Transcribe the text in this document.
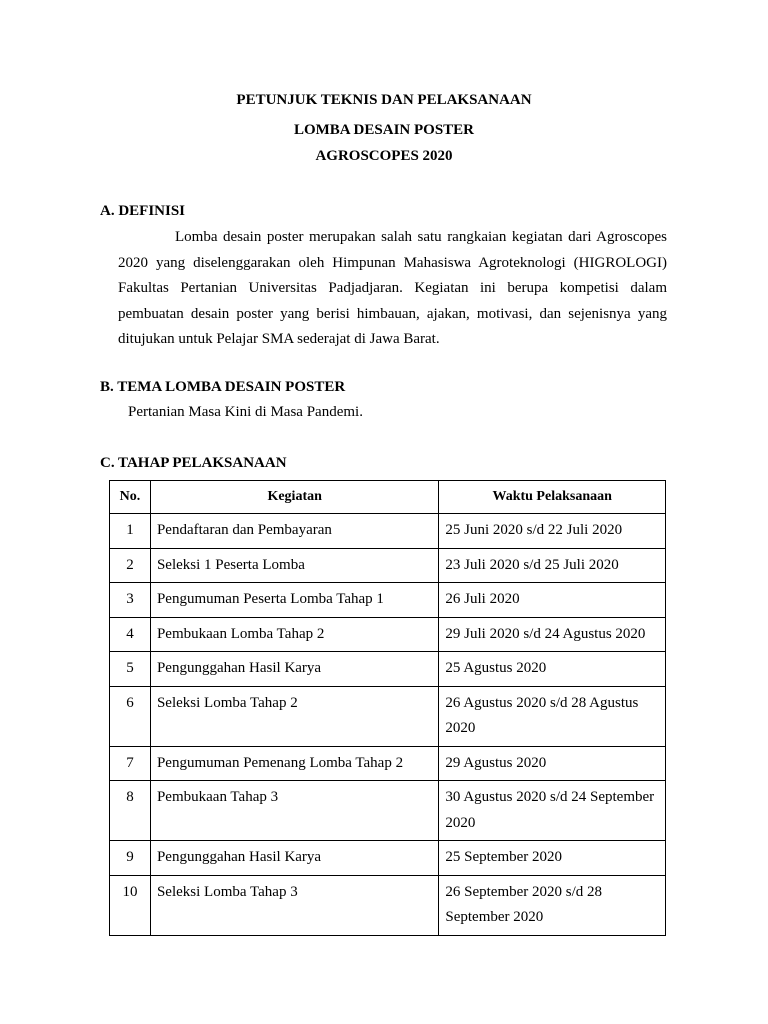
PETUNJUK TEKNIS DAN PELAKSANAAN
LOMBA DESAIN POSTER
AGROSCOPES 2020
A. DEFINISI
Lomba desain poster merupakan salah satu rangkaian kegiatan dari Agroscopes 2020 yang diselenggarakan oleh Himpunan Mahasiswa Agroteknologi (HIGROLOGI) Fakultas Pertanian Universitas Padjadjaran. Kegiatan ini berupa kompetisi dalam pembuatan desain poster yang berisi himbauan, ajakan, motivasi, dan sejenisnya yang ditujukan untuk Pelajar SMA sederajat di Jawa Barat.
B. TEMA LOMBA DESAIN POSTER
Pertanian Masa Kini di Masa Pandemi.
C. TAHAP PELAKSANAAN
No.	Kegiatan	Waktu Pelaksanaan
1	Pendaftaran dan Pembayaran	25 Juni 2020 s/d 22 Juli 2020
2	Seleksi 1 Peserta Lomba	23 Juli 2020 s/d 25 Juli 2020
3	Pengumuman Peserta Lomba Tahap 1	26 Juli 2020
4	Pembukaan Lomba Tahap 2	29 Juli 2020 s/d 24 Agustus 2020
5	Pengunggahan Hasil Karya	25 Agustus 2020
6	Seleksi Lomba Tahap 2	26 Agustus 2020 s/d 28 Agustus 2020
7	Pengumuman Pemenang Lomba Tahap 2	29 Agustus 2020
8	Pembukaan Tahap 3	30 Agustus 2020 s/d 24 September 2020
9	Pengunggahan Hasil Karya	25 September 2020
10	Seleksi Lomba Tahap 3	26 September 2020 s/d 28 September 2020
